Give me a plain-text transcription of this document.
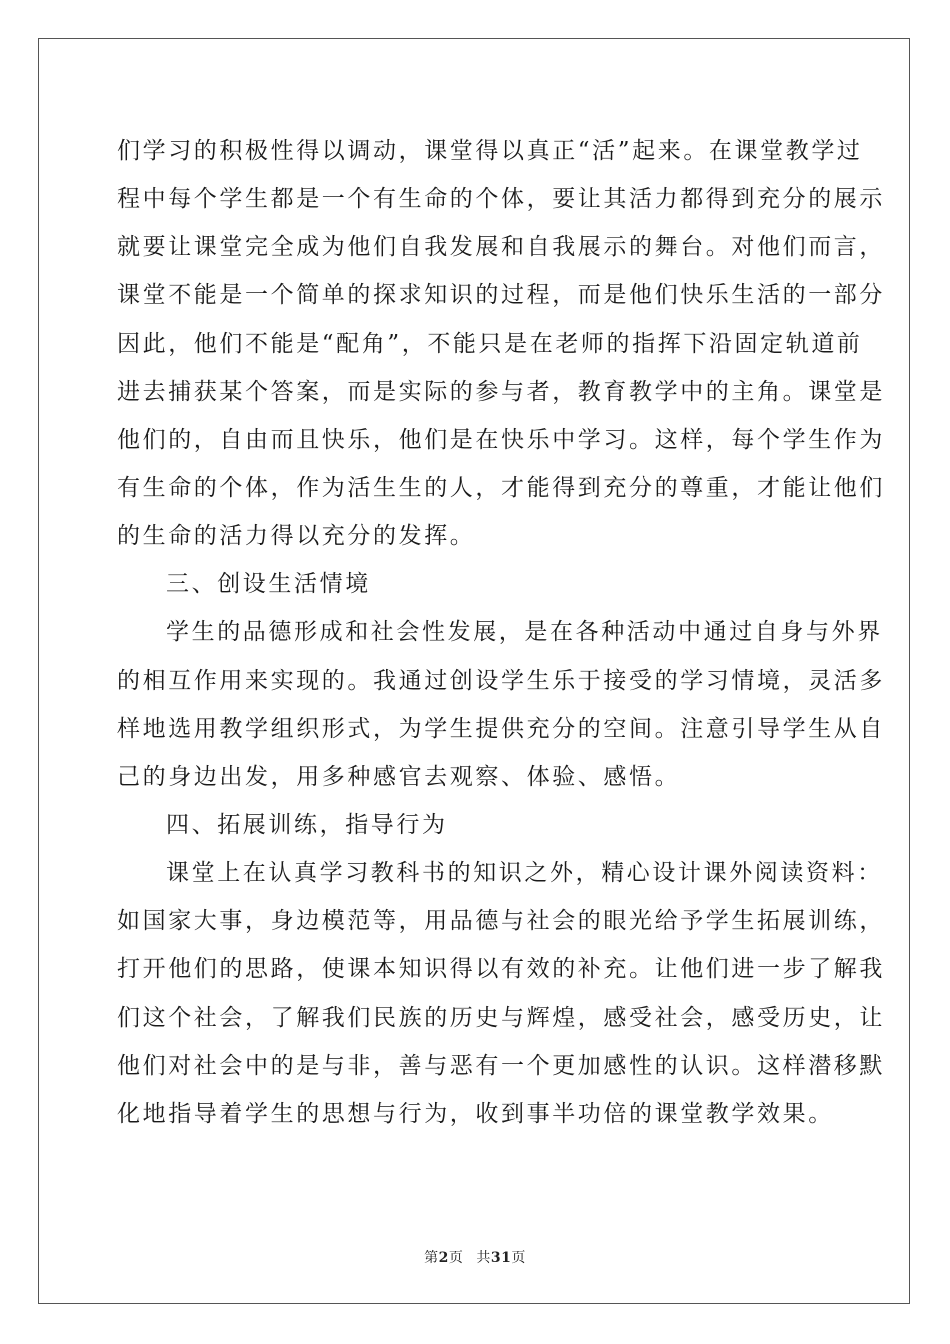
们学习的积极性得以调动，课堂得以真正“活”起来。在课堂教学过
程中每个学生都是一个有生命的个体，要让其活力都得到充分的展示
就要让课堂完全成为他们自我发展和自我展示的舞台。对他们而言，
课堂不能是一个简单的探求知识的过程，而是他们快乐生活的一部分
因此，他们不能是“配角”，不能只是在老师的指挥下沿固定轨道前
进去捕获某个答案，而是实际的参与者，教育教学中的主角。课堂是
他们的，自由而且快乐，他们是在快乐中学习。这样，每个学生作为
有生命的个体，作为活生生的人，才能得到充分的尊重，才能让他们
的生命的活力得以充分的发挥。
三、创设生活情境
学生的品德形成和社会性发展，是在各种活动中通过自身与外界
的相互作用来实现的。我通过创设学生乐于接受的学习情境，灵活多
样地选用教学组织形式，为学生提供充分的空间。注意引导学生从自
己的身边出发，用多种感官去观察、体验、感悟。
四、拓展训练，指导行为
课堂上在认真学习教科书的知识之外，精心设计课外阅读资料：
如国家大事，身边模范等，用品德与社会的眼光给予学生拓展训练，
打开他们的思路，使课本知识得以有效的补充。让他们进一步了解我
们这个社会，了解我们民族的历史与辉煌，感受社会，感受历史，让
他们对社会中的是与非，善与恶有一个更加感性的认识。这样潜移默
化地指导着学生的思想与行为，收到事半功倍的课堂教学效果。
第2页 共31页
